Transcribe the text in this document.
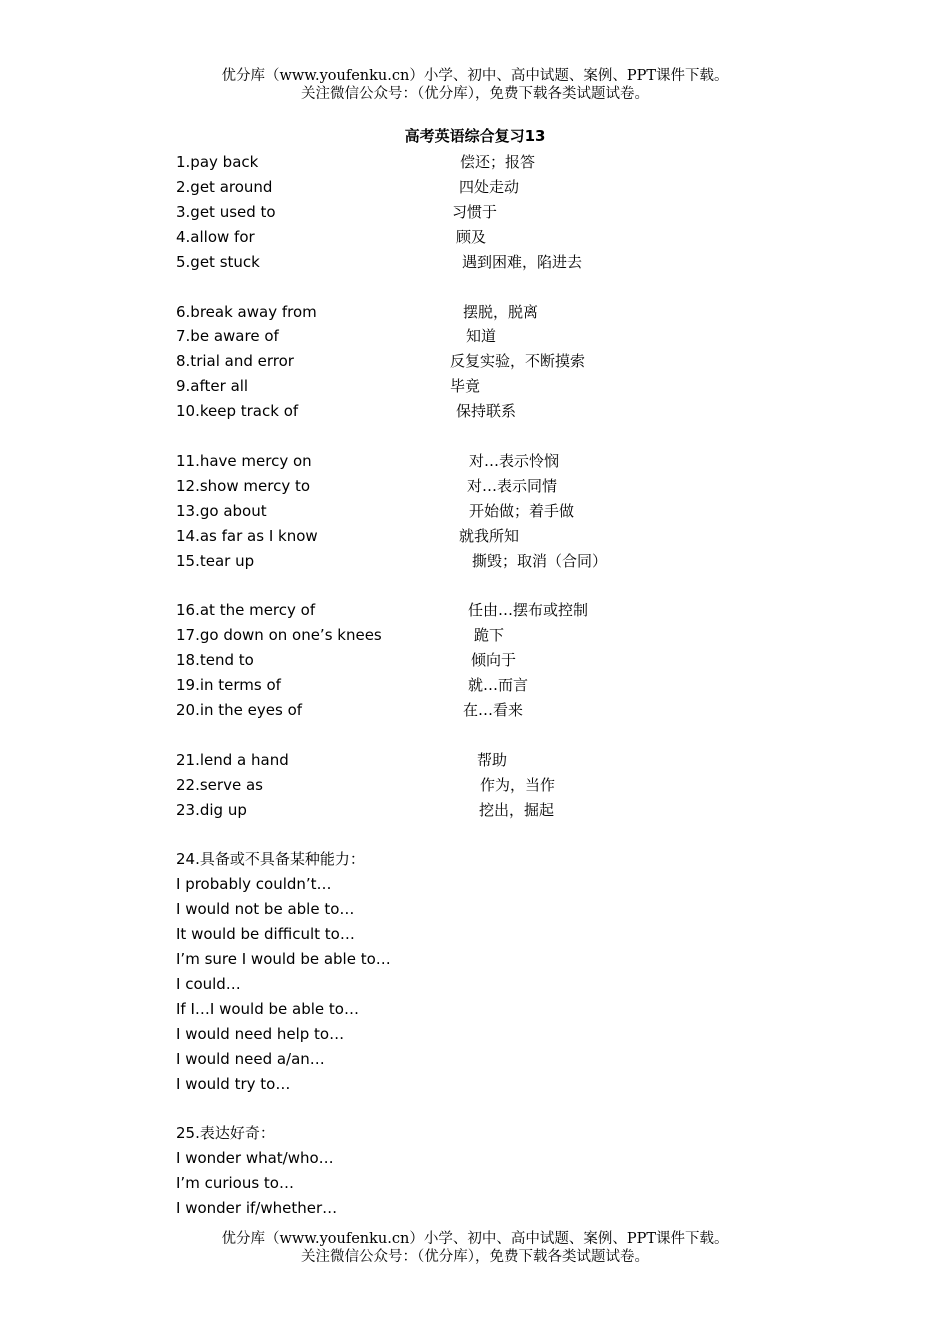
优分库（www.youfenku.cn）小学、初中、高中试题、案例、PPT课件下载。
关注微信公众号：（优分库），免费下载各类试题试卷。
高考英语综合复习13
1.pay back	偿还；报答
2.get around	四处走动
3.get used to	习惯于
4.allow for	顾及
5.get stuck	遇到困难，陷进去
6.break away from	摆脱，脱离
7.be aware of	知道
8.trial and error	反复实验，不断摸索
9.after all	毕竟
10.keep track of	保持联系
11.have mercy on	对…表示怜悯
12.show mercy to	对…表示同情
13.go about	开始做；着手做
14.as far as I know	就我所知
15.tear up	撕毁；取消（合同）
16.at the mercy of	任由…摆布或控制
17.go down on one’s knees	跪下
18.tend to	倾向于
19.in terms of	就…而言
20.in the eyes of	在…看来
21.lend a hand	帮助
22.serve as	作为，当作
23.dig up	挖出，掘起
24.具备或不具备某种能力：
I probably couldn’t…
I would not be able to…
It would be difficult to…
I’m sure I would be able to…
I could…
If I…I would be able to…
I would need help to…
I would need a/an…
I would try to…
25.表达好奇：
I wonder what/who…
I’m curious to…
I wonder if/whether…
优分库（www.youfenku.cn）小学、初中、高中试题、案例、PPT课件下载。
关注微信公众号：（优分库），免费下载各类试题试卷。
